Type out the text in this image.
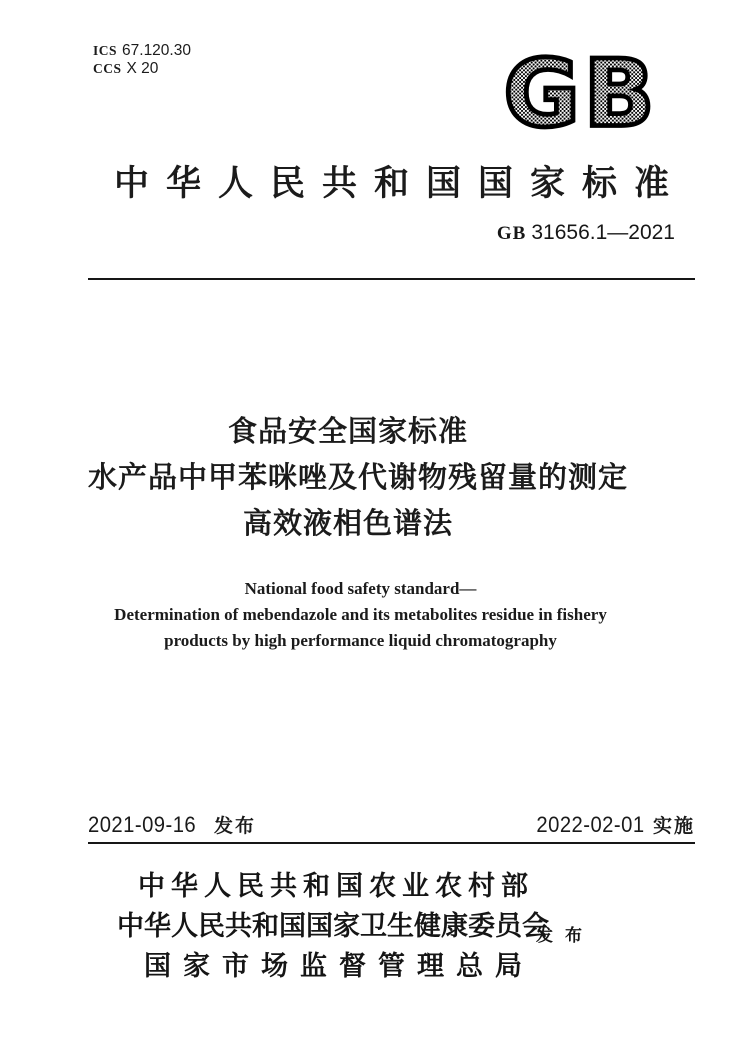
ICS 67.120.30
CCS X 20	GB
中华人民共和国国家标准
GB 31656.1—2021
食品安全国家标准
水产品中甲苯咪唑及代谢物残留量的测定
高效液相色谱法
National food safety standard—
Determination of mebendazole and its metabolites residue in fishery
products by high performance liquid chromatography
2021-09-16 发布	2022-02-01 实施
中华人民共和国农业农村部
中华人民共和国国家卫生健康委员会
国家市场监督管理总局
发布
